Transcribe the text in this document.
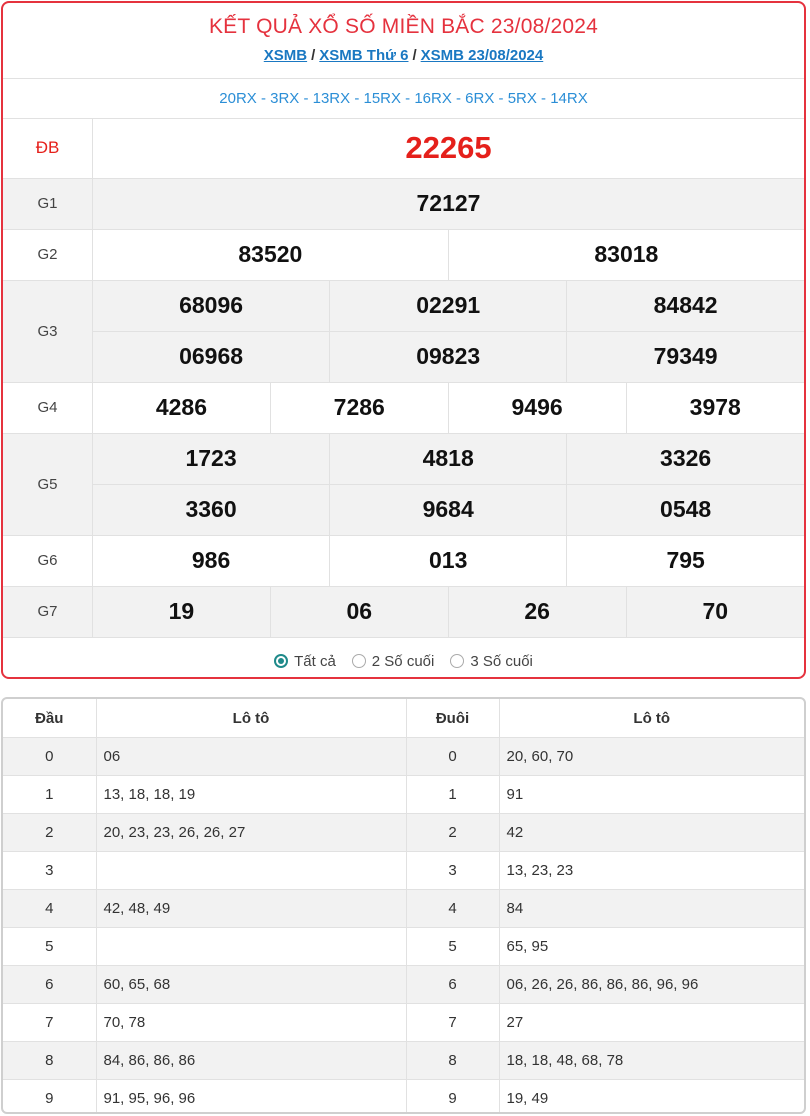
KẾT QUẢ XỔ SỐ MIỀN BẮC 23/08/2024
XSMB / XSMB Thứ 6 / XSMB 23/08/2024
20RX - 3RX - 13RX - 15RX - 16RX - 6RX - 5RX - 14RX
ĐB	22265					
G1	72127					
G2	83520			83018		
G3	68096		02291		84842	
	06968		09823		79349	
G4	4286	7286		9496		3978
G5	1723		4818		3326	
	3360		9684		0548	
G6	986		013		795	
G7	19	06		26		70
Tất cả 2 Số cuối 3 Số cuối
Đầu	Lô tô	Đuôi	Lô tô
0	06	0	20, 60, 70
1	13, 18, 18, 19	1	91
2	20, 23, 23, 26, 26, 27	2	42
3		3	13, 23, 23
4	42, 48, 49	4	84
5		5	65, 95
6	60, 65, 68	6	06, 26, 26, 86, 86, 86, 96, 96
7	70, 78	7	27
8	84, 86, 86, 86	8	18, 18, 48, 68, 78
9	91, 95, 96, 96	9	19, 49
